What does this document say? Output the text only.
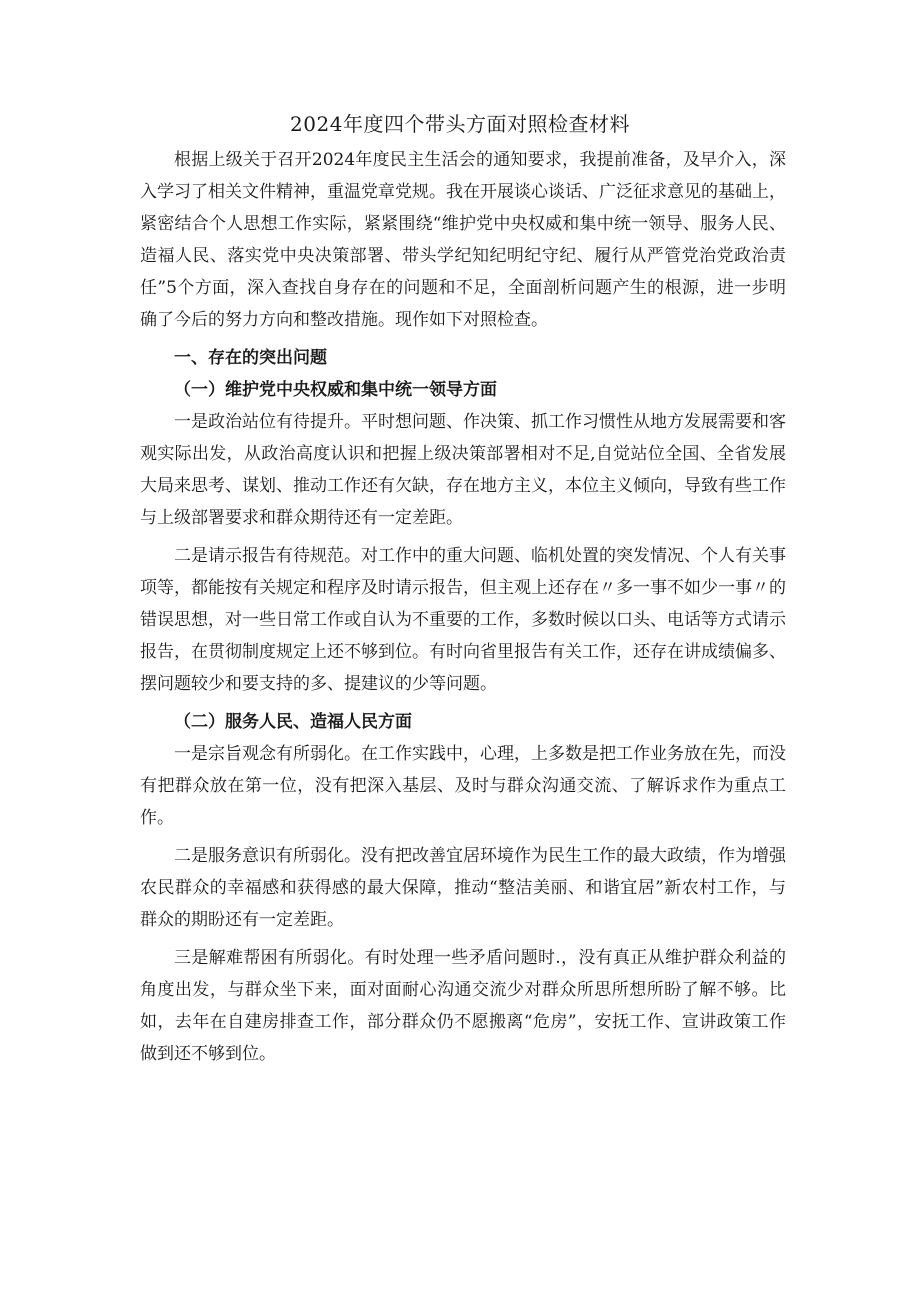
2024年度四个带头方面对照检查材料

根据上级关于召开2024年度民主生活会的通知要求，我提前准备，及早介入，深入学习了相关文件精神，重温党章党规。我在开展谈心谈话、广泛征求意见的基础上，紧密结合个人思想工作实际，紧紧围绕“维护党中央权威和集中统一领导、服务人民、造福人民、落实党中央决策部署、带头学纪知纪明纪守纪、履行从严管党治党政治责任”5个方面，深入查找自身存在的问题和不足，全面剖析问题产生的根源，进一步明确了今后的努力方向和整改措施。现作如下对照检查。

一、存在的突出问题
（一）维护党中央权威和集中统一领导方面

一是政治站位有待提升。平时想问题、作决策、抓工作习惯性从地方发展需要和客观实际出发，从政治高度认识和把握上级决策部署相对不足,自觉站位全国、全省发展大局来思考、谋划、推动工作还有欠缺，存在地方主义，本位主义倾向，导致有些工作与上级部署要求和群众期待还有一定差距。

二是请示报告有待规范。对工作中的重大问题、临机处置的突发情况、个人有关事项等，都能按有关规定和程序及时请示报告，但主观上还存在〃多一事不如少一事〃的错误思想，对一些日常工作或自认为不重要的工作，多数时候以口头、电话等方式请示报告，在贯彻制度规定上还不够到位。有时向省里报告有关工作，还存在讲成绩偏多、摆问题较少和要支持的多、提建议的少等问题。

（二）服务人民、造福人民方面

一是宗旨观念有所弱化。在工作实践中，心理，上多数是把工作业务放在先，而没有把群众放在第一位，没有把深入基层、及时与群众沟通交流、了解诉求作为重点工作。

二是服务意识有所弱化。没有把改善宜居环境作为民生工作的最大政绩，作为增强农民群众的幸福感和获得感的最大保障，推动“整洁美丽、和谐宜居”新农村工作，与群众的期盼还有一定差距。

三是解难帮困有所弱化。有时处理一些矛盾问题时.，没有真正从维护群众利益的角度出发，与群众坐下来，面对面耐心沟通交流少对群众所思所想所盼了解不够。比如，去年在自建房排查工作，部分群众仍不愿搬离“危房”，安抚工作、宣讲政策工作做到还不够到位。
